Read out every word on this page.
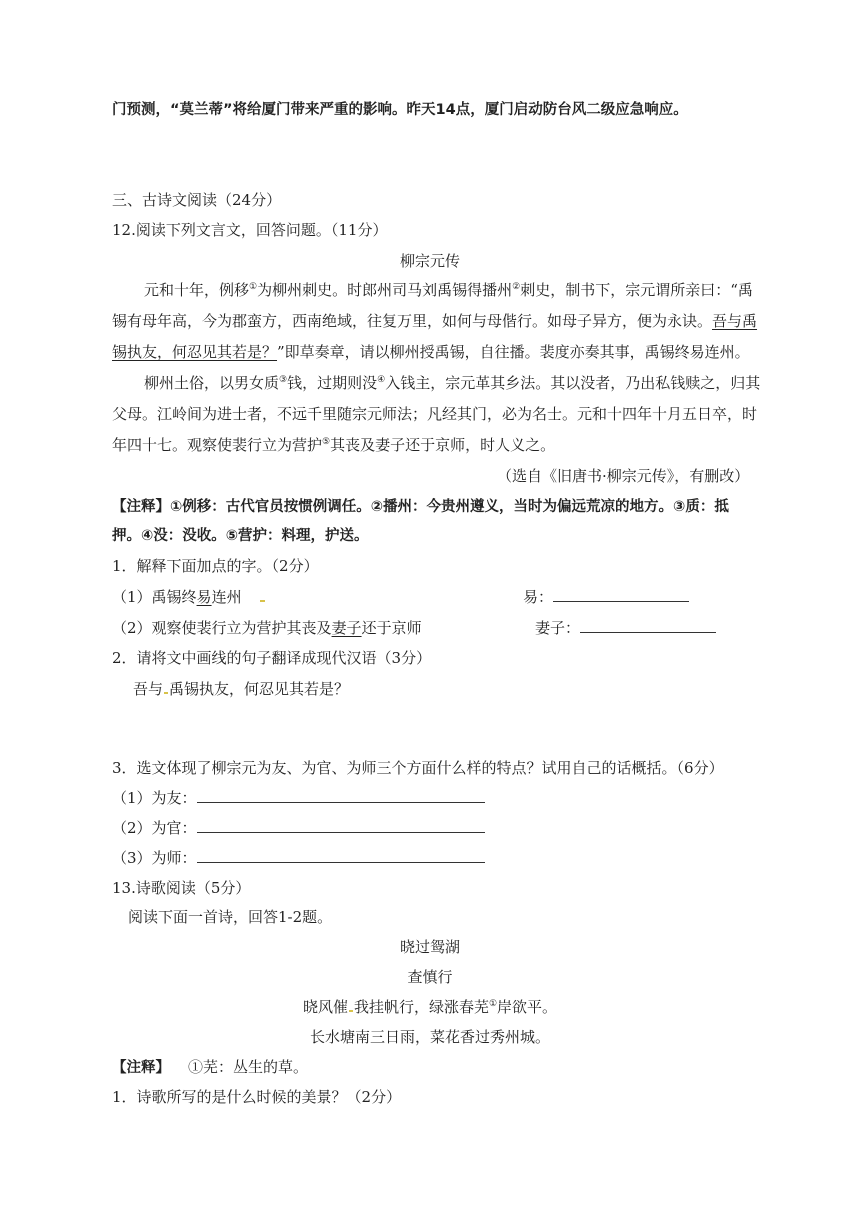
门预测，“莫兰蒂”将给厦门带来严重的影响。昨天14点，厦门启动防台风二级应急响应。
三、古诗文阅读（24分）
12.阅读下列文言文，回答问题。（11分）
柳宗元传
元和十年，例移①为柳州刺史。时郎州司马刘禹锡得播州②刺史，制书下，宗元谓所亲曰：“禹
锡有母年高，今为郡蛮方，西南绝域，往复万里，如何与母偕行。如母子异方，便为永诀。吾与禹
锡执友，何忍见其若是？”即草奏章，请以柳州授禹锡，自往播。裴度亦奏其事，禹锡终易连州。
柳州土俗，以男女质③钱，过期则没④入钱主，宗元革其乡法。其以没者，乃出私钱赎之，归其
父母。江岭间为进士者，不远千里随宗元师法；凡经其门，必为名士。元和十四年十月五日卒，时
年四十七。观察使裴行立为营护⑤其丧及妻子还于京师，时人义之。
（选自《旧唐书·柳宗元传》，有删改）
【注释】①例移：古代官员按惯例调任。②播州：今贵州遵义，当时为偏远荒凉的地方。③质：抵
押。④没：没收。⑤营护：料理，护送。
1．解释下面加点的字。（2分）
（1）禹锡终易连州	易：
（2）观察使裴行立为营护其丧及妻子还于京师	妻子：
2．请将文中画线的句子翻译成现代汉语（3分）
吾与 禹锡执友，何忍见其若是？
3．选文体现了柳宗元为友、为官、为师三个方面什么样的特点？试用自己的话概括。（6分）
（1）为友：
（2）为官：
（3）为师：
13.诗歌阅读（5分）
阅读下面一首诗，回答1-2题。
晓过鸳湖
查慎行
晓风催 我挂帆行，绿涨春芜①岸欲平。
长水塘南三日雨，菜花香过秀州城。
【注释】 ①芜：丛生的草。
1．诗歌所写的是什么时候的美景？（2分）
